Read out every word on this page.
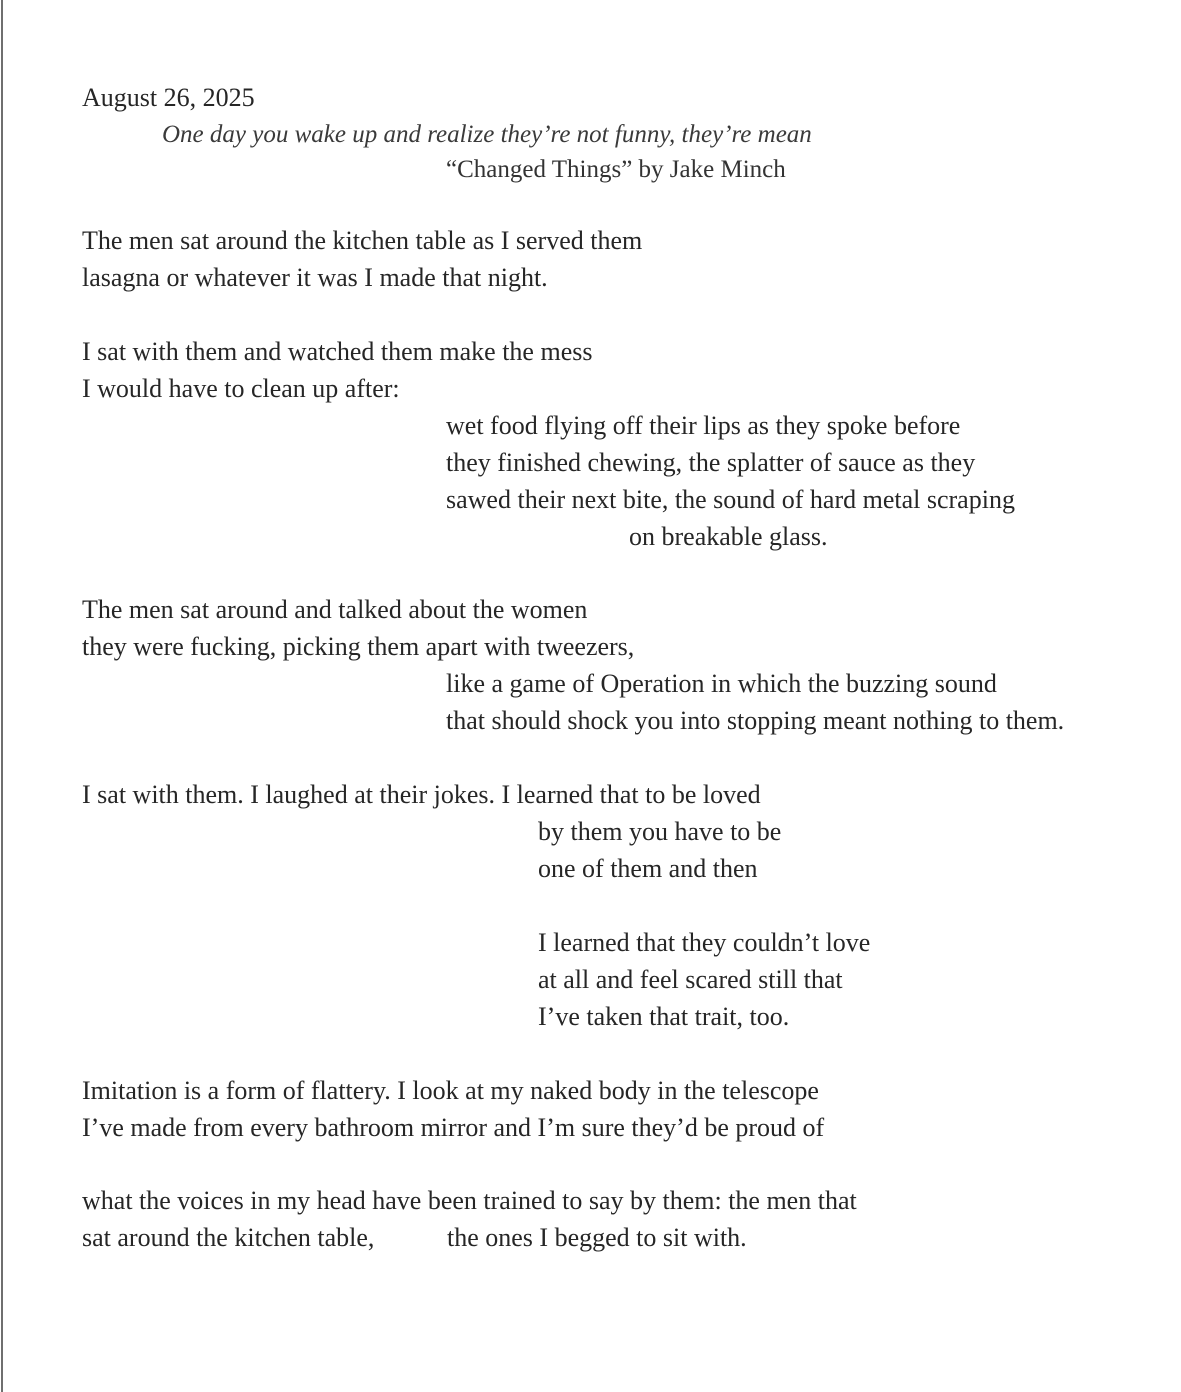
August 26, 2025
One day you wake up and realize they’re not funny, they’re mean
“Changed Things” by Jake Minch
The men sat around the kitchen table as I served them
lasagna or whatever it was I made that night.
I sat with them and watched them make the mess
I would have to clean up after:
wet food flying off their lips as they spoke before
they finished chewing, the splatter of sauce as they
sawed their next bite, the sound of hard metal scraping
on breakable glass.
The men sat around and talked about the women
they were fucking, picking them apart with tweezers,
like a game of Operation in which the buzzing sound
that should shock you into stopping meant nothing to them.
I sat with them. I laughed at their jokes. I learned that to be loved
by them you have to be
one of them and then
I learned that they couldn’t love
at all and feel scared still that
I’ve taken that trait, too.
Imitation is a form of flattery. I look at my naked body in the telescope
I’ve made from every bathroom mirror and I’m sure they’d be proud of
what the voices in my head have been trained to say by them: the men that
sat around the kitchen table,	the ones I begged to sit with.
